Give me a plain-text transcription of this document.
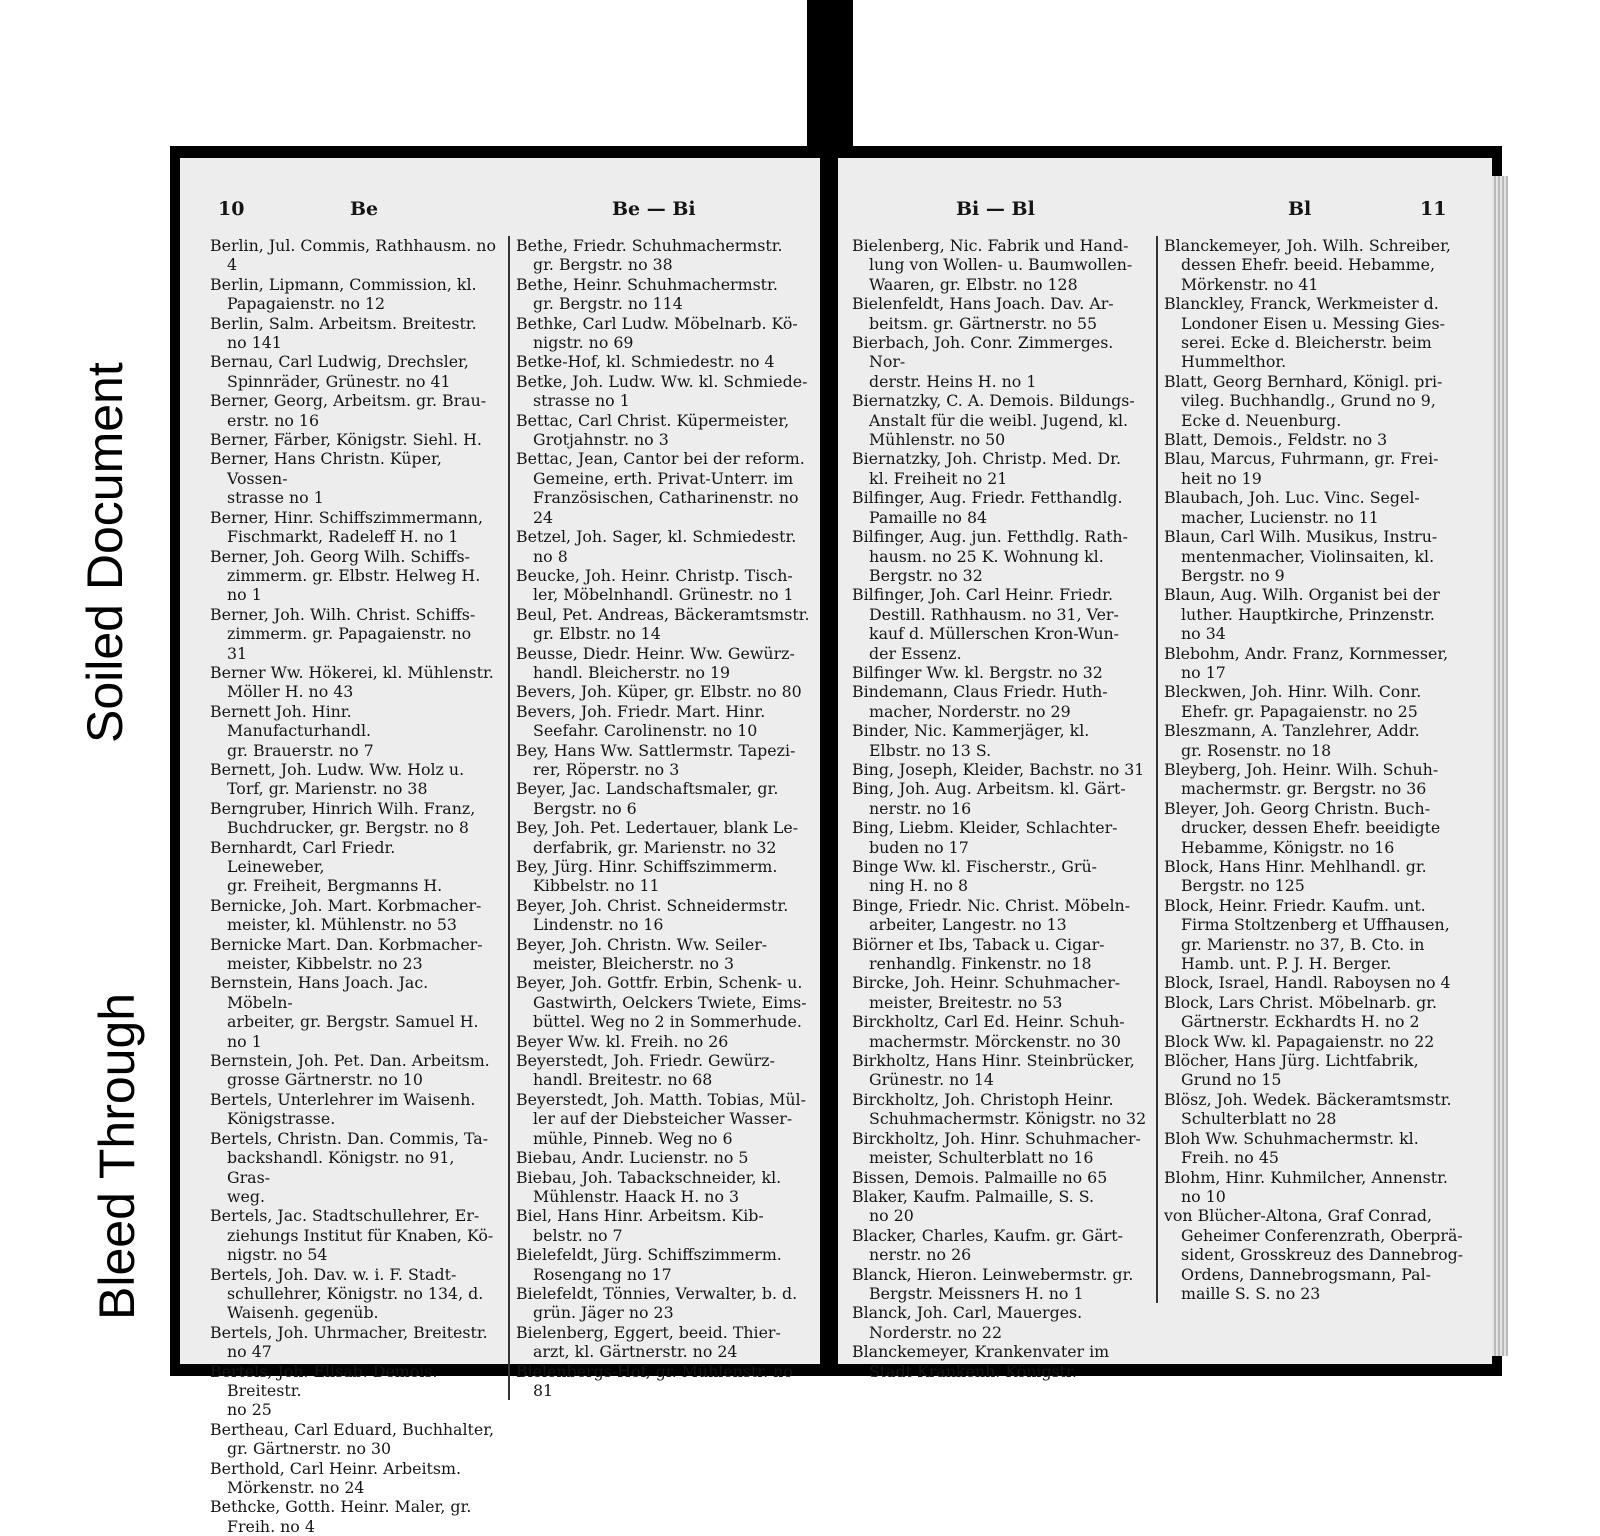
Soiled Document
Bleed Through
10	Be	Be — Bi
Berlin, Jul. Commis, Rathhausm. no 4
Berlin, Lipmann, Commission, kl.
Papagaienstr. no 12
Berlin, Salm. Arbeitsm. Breitestr.
no 141
Bernau, Carl Ludwig, Drechsler,
Spinnräder, Grünestr. no 41
Berner, Georg, Arbeitsm. gr. Brau-
erstr. no 16
Berner, Färber, Königstr. Siehl. H.
Berner, Hans Christn. Küper, Vossen-
strasse no 1
Berner, Hinr. Schiffszimmermann,
Fischmarkt, Radeleff H. no 1
Berner, Joh. Georg Wilh. Schiffs-
zimmerm. gr. Elbstr. Helweg H. no 1
Berner, Joh. Wilh. Christ. Schiffs-
zimmerm. gr. Papagaienstr. no 31
Berner Ww. Hökerei, kl. Mühlenstr.
Möller H. no 43
Bernett Joh. Hinr. Manufacturhandl.
gr. Brauerstr. no 7
Bernett, Joh. Ludw. Ww. Holz u.
Torf, gr. Marienstr. no 38
Berngruber, Hinrich Wilh. Franz,
Buchdrucker, gr. Bergstr. no 8
Bernhardt, Carl Friedr. Leineweber,
gr. Freiheit, Bergmanns H.
Bernicke, Joh. Mart. Korbmacher-
meister, kl. Mühlenstr. no 53
Bernicke Mart. Dan. Korbmacher-
meister, Kibbelstr. no 23
Bernstein, Hans Joach. Jac. Möbeln-
arbeiter, gr. Bergstr. Samuel H.
no 1
Bernstein, Joh. Pet. Dan. Arbeitsm.
grosse Gärtnerstr. no 10
Bertels, Unterlehrer im Waisenh.
Königstrasse.
Bertels, Christn. Dan. Commis, Ta-
backshandl. Königstr. no 91, Gras-
weg.
Bertels, Jac. Stadtschullehrer, Er-
ziehungs Institut für Knaben, Kö-
nigstr. no 54
Bertels, Joh. Dav. w. i. F. Stadt-
schullehrer, Königstr. no 134, d.
Waisenh. gegenüb.
Bertels, Joh. Uhrmacher, Breitestr.
no 47
Bertels, Joh. Elisab. Demois. Breitestr.
no 25
Bertheau, Carl Eduard, Buchhalter,
gr. Gärtnerstr. no 30
Berthold, Carl Heinr. Arbeitsm.
Mörkenstr. no 24
Bethcke, Gotth. Heinr. Maler, gr.
Freih. no 4
Bethe, Friedr. Schuhmachermstr.
gr. Bergstr. no 38
Bethe, Heinr. Schuhmachermstr.
gr. Bergstr. no 114
Bethke, Carl Ludw. Möbelnarb. Kö-
nigstr. no 69
Betke-Hof, kl. Schmiedestr. no 4
Betke, Joh. Ludw. Ww. kl. Schmiede-
strasse no 1
Bettac, Carl Christ. Küpermeister,
Grotjahnstr. no 3
Bettac, Jean, Cantor bei der reform.
Gemeine, erth. Privat-Unterr. im
Französischen, Catharinenstr. no 24
Betzel, Joh. Sager, kl. Schmiedestr. no 8
Beucke, Joh. Heinr. Christp. Tisch-
ler, Möbelnhandl. Grünestr. no 1
Beul, Pet. Andreas, Bäckeramtsmstr.
gr. Elbstr. no 14
Beusse, Diedr. Heinr. Ww. Gewürz-
handl. Bleicherstr. no 19
Bevers, Joh. Küper, gr. Elbstr. no 80
Bevers, Joh. Friedr. Mart. Hinr.
Seefahr. Carolinenstr. no 10
Bey, Hans Ww. Sattlermstr. Tapezi-
rer, Röperstr. no 3
Beyer, Jac. Landschaftsmaler, gr.
Bergstr. no 6
Bey, Joh. Pet. Ledertauer, blank Le-
derfabrik, gr. Marienstr. no 32
Bey, Jürg. Hinr. Schiffszimmerm.
Kibbelstr. no 11
Beyer, Joh. Christ. Schneidermstr.
Lindenstr. no 16
Beyer, Joh. Christn. Ww. Seiler-
meister, Bleicherstr. no 3
Beyer, Joh. Gottfr. Erbin, Schenk- u.
Gastwirth, Oelckers Twiete, Eims-
büttel. Weg no 2 in Sommerhude.
Beyer Ww. kl. Freih. no 26
Beyerstedt, Joh. Friedr. Gewürz-
handl. Breitestr. no 68
Beyerstedt, Joh. Matth. Tobias, Mül-
ler auf der Diebsteicher Wasser-
mühle, Pinneb. Weg no 6
Biebau, Andr. Lucienstr. no 5
Biebau, Joh. Tabackschneider, kl.
Mühlenstr. Haack H. no 3
Biel, Hans Hinr. Arbeitsm. Kib-
belstr. no 7
Bielefeldt, Jürg. Schiffszimmerm.
Rosengang no 17
Bielefeldt, Tönnies, Verwalter, b. d.
grün. Jäger no 23
Bielenberg, Eggert, beeid. Thier-
arzt, kl. Gärtnerstr. no 24
Bielenbergs-Hof, gr. Mühlenstr. no 81
Bi — Bl	Bl	11
Bielenberg, Nic. Fabrik und Hand-
lung von Wollen- u. Baumwollen-
Waaren, gr. Elbstr. no 128
Bielenfeldt, Hans Joach. Dav. Ar-
beitsm. gr. Gärtnerstr. no 55
Bierbach, Joh. Conr. Zimmerges. Nor-
derstr. Heins H. no 1
Biernatzky, C. A. Demois. Bildungs-
Anstalt für die weibl. Jugend, kl.
Mühlenstr. no 50
Biernatzky, Joh. Christp. Med. Dr.
kl. Freiheit no 21
Bilfinger, Aug. Friedr. Fetthandlg.
Pamaille no 84
Bilfinger, Aug. jun. Fetthdlg. Rath-
hausm. no 25 K. Wohnung kl.
Bergstr. no 32
Bilfinger, Joh. Carl Heinr. Friedr.
Destill. Rathhausm. no 31, Ver-
kauf d. Müllerschen Kron-Wun-
der Essenz.
Bilfinger Ww. kl. Bergstr. no 32
Bindemann, Claus Friedr. Huth-
macher, Norderstr. no 29
Binder, Nic. Kammerjäger, kl.
Elbstr. no 13 S.
Bing, Joseph, Kleider, Bachstr. no 31
Bing, Joh. Aug. Arbeitsm. kl. Gärt-
nerstr. no 16
Bing, Liebm. Kleider, Schlachter-
buden no 17
Binge Ww. kl. Fischerstr., Grü-
ning H. no 8
Binge, Friedr. Nic. Christ. Möbeln-
arbeiter, Langestr. no 13
Biörner et Ibs, Taback u. Cigar-
renhandlg. Finkenstr. no 18
Bircke, Joh. Heinr. Schuhmacher-
meister, Breitestr. no 53
Birckholtz, Carl Ed. Heinr. Schuh-
machermstr. Mörckenstr. no 30
Birkholtz, Hans Hinr. Steinbrücker,
Grünestr. no 14
Birckholtz, Joh. Christoph Heinr.
Schuhmachermstr. Königstr. no 32
Birckholtz, Joh. Hinr. Schuhmacher-
meister, Schulterblatt no 16
Bissen, Demois. Palmaille no 65
Blaker, Kaufm. Palmaille, S. S.
no 20
Blacker, Charles, Kaufm. gr. Gärt-
nerstr. no 26
Blanck, Hieron. Leinwebermstr. gr.
Bergstr. Meissners H. no 1
Blanck, Joh. Carl, Mauerges.
Norderstr. no 22
Blanckemeyer, Krankenvater im
Stadt Krankenh. Königstr.
Blanckemeyer, Joh. Wilh. Schreiber,
dessen Ehefr. beeid. Hebamme,
Mörkenstr. no 41
Blanckley, Franck, Werkmeister d.
Londoner Eisen u. Messing Gies-
serei. Ecke d. Bleicherstr. beim
Hummelthor.
Blatt, Georg Bernhard, Königl. pri-
vileg. Buchhandlg., Grund no 9,
Ecke d. Neuenburg.
Blatt, Demois., Feldstr. no 3
Blau, Marcus, Fuhrmann, gr. Frei-
heit no 19
Blaubach, Joh. Luc. Vinc. Segel-
macher, Lucienstr. no 11
Blaun, Carl Wilh. Musikus, Instru-
mentenmacher, Violinsaiten, kl.
Bergstr. no 9
Blaun, Aug. Wilh. Organist bei der
luther. Hauptkirche, Prinzenstr.
no 34
Blebohm, Andr. Franz, Kornmesser,
no 17
Bleckwen, Joh. Hinr. Wilh. Conr.
Ehefr. gr. Papagaienstr. no 25
Bleszmann, A. Tanzlehrer, Addr.
gr. Rosenstr. no 18
Bleyberg, Joh. Heinr. Wilh. Schuh-
machermstr. gr. Bergstr. no 36
Bleyer, Joh. Georg Christn. Buch-
drucker, dessen Ehefr. beeidigte
Hebamme, Königstr. no 16
Block, Hans Hinr. Mehlhandl. gr.
Bergstr. no 125
Block, Heinr. Friedr. Kaufm. unt.
Firma Stoltzenberg et Uffhausen,
gr. Marienstr. no 37, B. Cto. in
Hamb. unt. P. J. H. Berger.
Block, Israel, Handl. Raboysen no 4
Block, Lars Christ. Möbelnarb. gr.
Gärtnerstr. Eckhardts H. no 2
Block Ww. kl. Papagaienstr. no 22
Blöcher, Hans Jürg. Lichtfabrik,
Grund no 15
Blösz, Joh. Wedek. Bäckeramtsmstr.
Schulterblatt no 28
Bloh Ww. Schuhmachermstr. kl.
Freih. no 45
Blohm, Hinr. Kuhmilcher, Annenstr.
no 10
von Blücher-Altona, Graf Conrad,
Geheimer Conferenzrath, Oberprä-
sident, Grosskreuz des Dannebrog-
Ordens, Dannebrogsmann, Pal-
maille S. S. no 23
